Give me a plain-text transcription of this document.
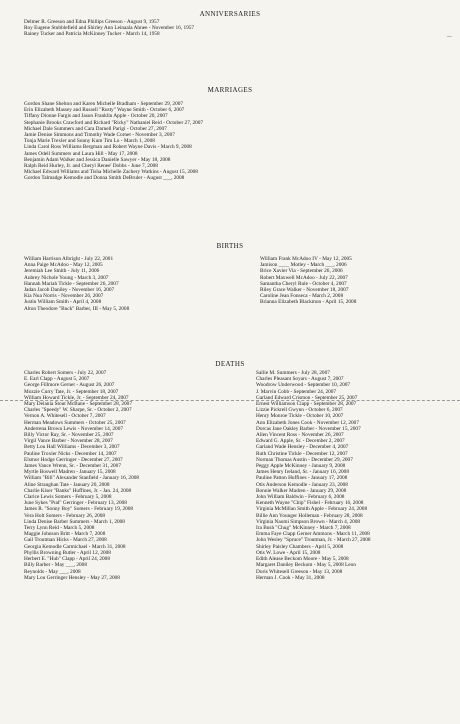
–

ANNIVERSARIES

Delmer R. Greeson and Edna Phillips Greeson - August 9, 1957
Roy Eugene Stubblefield and Shirley Ann Leinaala Ahnee - November 16, 1957
Rainey Tucker and Patricia McKinney Tucker - March 14, 1958

MARRIAGES

Gordon Shane Shelton and Karen Michelle Bradham - September 29, 2007
Erin Elizabeth Massey and Russell "Rusty" Wayne Smith - October 6, 2007
Tiffany Dionne Fargis and Jason Franklin Apple - October 20, 2007
Stephanie Brooks Crawford and Richard "Ricky" Nathaniel Reid - October 27, 2007
Michael Dale Summers and Cara Darnell Parigi - October 27, 2007
Jamie Denise Simmons and Timothy Wade Cornet - November 3, 2007
Tonja Marie Trexler and Sunny Kum Tim Lo - March 1, 2008
Linda Carol Ross Williams Bergman and Robert Wayne Davis - March 9, 2008
James Odell Summers and Laura Hill - May 17, 2008
Benjamin Adam Walker and Jessica Danielle Sawyer - May 18, 2008
Ralph Reid Hurley, Jr. and Cheryl Renee' Dobbs - June 7, 2008
Michael Edward Williams and Tisha Michelle Zachery Watkins - August 15, 2008
Gordon Talmadge Kemodle and Donna Smith DeBruler - August ___, 2008

BIRTHS

William Harrison Albright - July 22, 2001
Anna Paige McAdoo - May 12, 2005
Jeremiah Lee Smith - July 11, 2006
Aubrey Nichole Young - March 3, 2007
Hannah Mariah Tickle - September 26, 2007
Jadan Jacob Daniley - November 16, 2007
Kia Noa Norris - November 26, 2007
Justin William Smith - April 4, 2008
Alton Theodore "Buck" Barber, III - May 5, 2008
William Frank McAdoo IV - May 12, 2005
Jamison ____ Motley - March ___, 2006
Brice Xavier Via - September 26, 2006
Robert Maxwell McAdoo - July 22, 2007
Samantha Cheryl Rule - October 4, 2007
Riley Grace Walker - November 18, 2007
Caroline Jean Fonseca - March 2, 2008
Brianna Elizabeth Blackmon - April 15, 2008

DEATHS

Charles Robert Somers - July 22, 2007
E. Earl Clapp - August 5, 2007
George Fillmore Gerner - August 26, 2007
Mozzie Curry Tate, Jr. - September 18, 2007
William Howard Tickle, Jr. - September 24, 2007
Mary Delania Stout McBane - September 28, 2007
Charles "Speedy" W. Sharpe, Sr. - October 2, 2007
Vernon A. Whitesell - October 7, 2007
Herman Meadows Summers - October 25, 2007
Anderrena Brown Lewis - November 14, 2007
Billy Victor Ray, Sr. - November 25, 2007
Virgil Vance Barber - November 28, 2007
Betty Lou Hall Williams - December 3, 2007
Pauline Troxler Nicks - December 14, 2007
Elsmor Hodge Gerringer - December 27, 2007
James Vance Wrenn, Sr. - December 31, 2007
Myrtle Boswell Madren - January 15, 2008
William "Bill" Alexander Stanfield - January 16, 2008
Aline Straughan Tate - January 20, 2008
Charlie Kiser "Banks" Huffines, Jr. - Jan. 24, 2008
Clarice Lewis Somers - February 5, 2008
June Sykes "Pud" Gerringer - February 13, 2008
James R. "Sonny Boy" Somers - February 19, 2008
Vera Holt Somers - February 26, 2008
Linda Denise Barber Summers - March 1, 2008
Terry Lynn Reid - March 5, 2008
Maggie Johnson Britt - March 7, 2008
Gail Troutman Hicks - March 27, 2008
Georgia Kemodle Carmichael - March 31, 2008
Phyllis Browning Butler - April 12, 2008
Herbert E. "Hub" Clapp - April 24, 2008
Billy Barber - May ___, 2008
Reynolds - May ___, 2008
Mary Lou Gerringer Hensley - May 27, 2008
Sallie M. Summers - July 28, 2007
Charles Pleasant Soyars - August 7, 2007
Woodrow Underwood - September 10, 2007
J. Marvin Cobb - September 24, 2007
Garland Edward Crismon - September 25, 2007
Ernest Williamson Clapp - September 28, 2007
Lizzie Pickrell Gwynn - October 6, 2007
Henry Monroe Tickle - October 10, 2007
Ann Elizabeth Jones Cook - November 12, 2007
Dorcas Jane Oakley Barber - November 15, 2007
Allen Vincent Ross - November 26, 2007
Edward G. Apple, Sr. - December 2, 2007
Garland Wade Hensley - December 4, 2007
Ruth Christine Tickle - December 12, 2007
Norman Thomas Austin - December 29, 2007
Peggy Apple McKinney - January 9, 2008
James Henry Ireland, Sr. - January 16, 2008
Pauline Patton Huffines - January 17, 2008
Otis Anderson Kemodle - January 23, 2008
Bonnie Walker Madren - January 29, 2008
John William Baldwin - February 6, 2008
Kenneth Wayne "Chip" Fishel - February 16, 2008
Virginia McMillan Smith Apple - February 24, 2008
Billie Ann Younger Holleman - February 28, 2008
Virginia Naomi Simpson Brown - March 4, 2008
Ira Bush "Chug" McKinney - March 7, 2008
Emma Faye Clapp Gerner Ammons - March 11, 2008
John Wesley "Spruce" Troutman, Jr. - March 27, 2008
Shirley Paisley Chambers - April 5, 2008
Otis W. Lowe - April 15, 2008
Edith Alease Beckom Moore - May 5, 2008
Margaret Daniley Beckom - May 5, 2008 Leon
Doris Whitesell Greeson - May 13, 2008
Herman J. Cook - May 31, 2008
